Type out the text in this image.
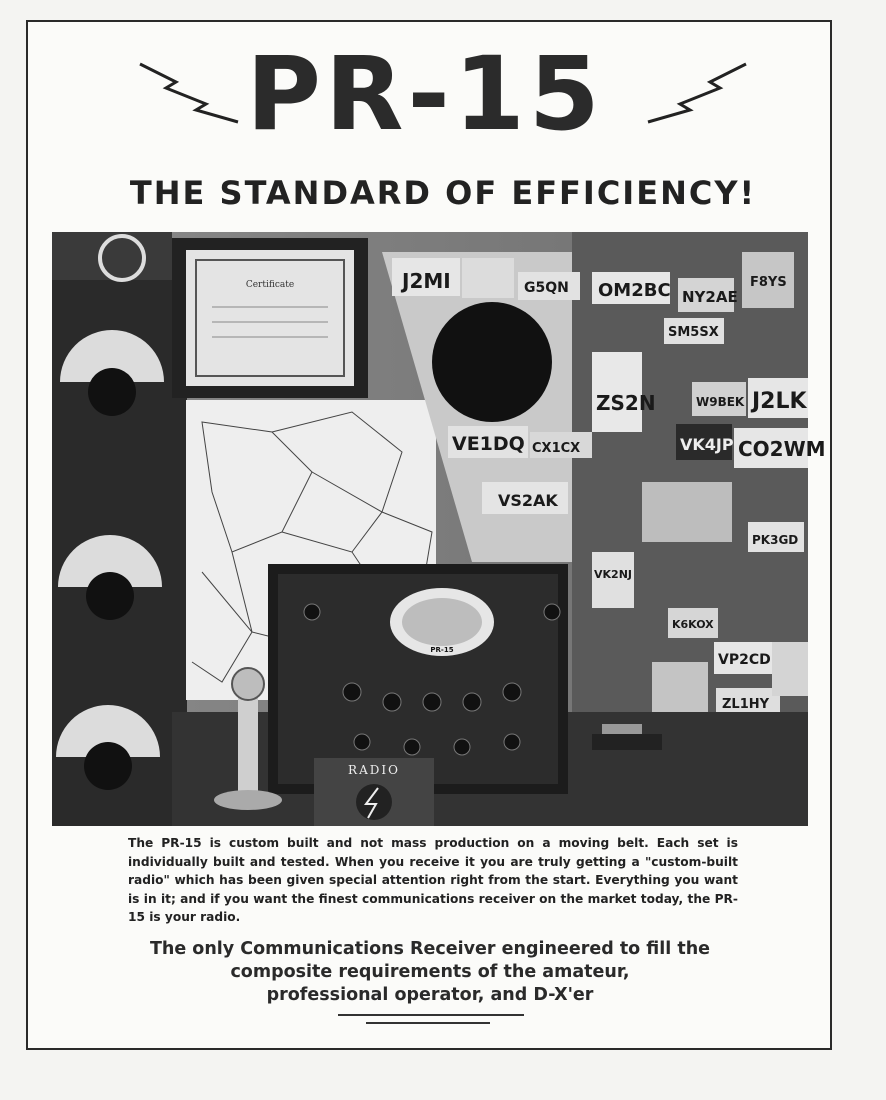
PR-15
THE STANDARD OF EFFICIENCY!
Certificate	J2MI	G5QN OM2BC NY2AE
F8YS
SM5SX
J2LK
ZS2N	W9BEK
VE1DQ CX1CX
VS2AK
VK4JP CO2WM
VK2NJ
PK3GD
K6KOX
VP2CD
ZL1HY
PR-15
RADIO
The PR-15 is custom built and not mass production on a moving belt. Each set is individually built and tested. When you receive it you are truly getting a "custom-built radio" which has been given special attention right from the start. Everything you want is in it; and if you want the finest communications receiver on the market today, the PR-15 is your radio.
The only Communications Receiver engineered to fill the
composite requirements of the amateur,
professional operator, and D-X'er
